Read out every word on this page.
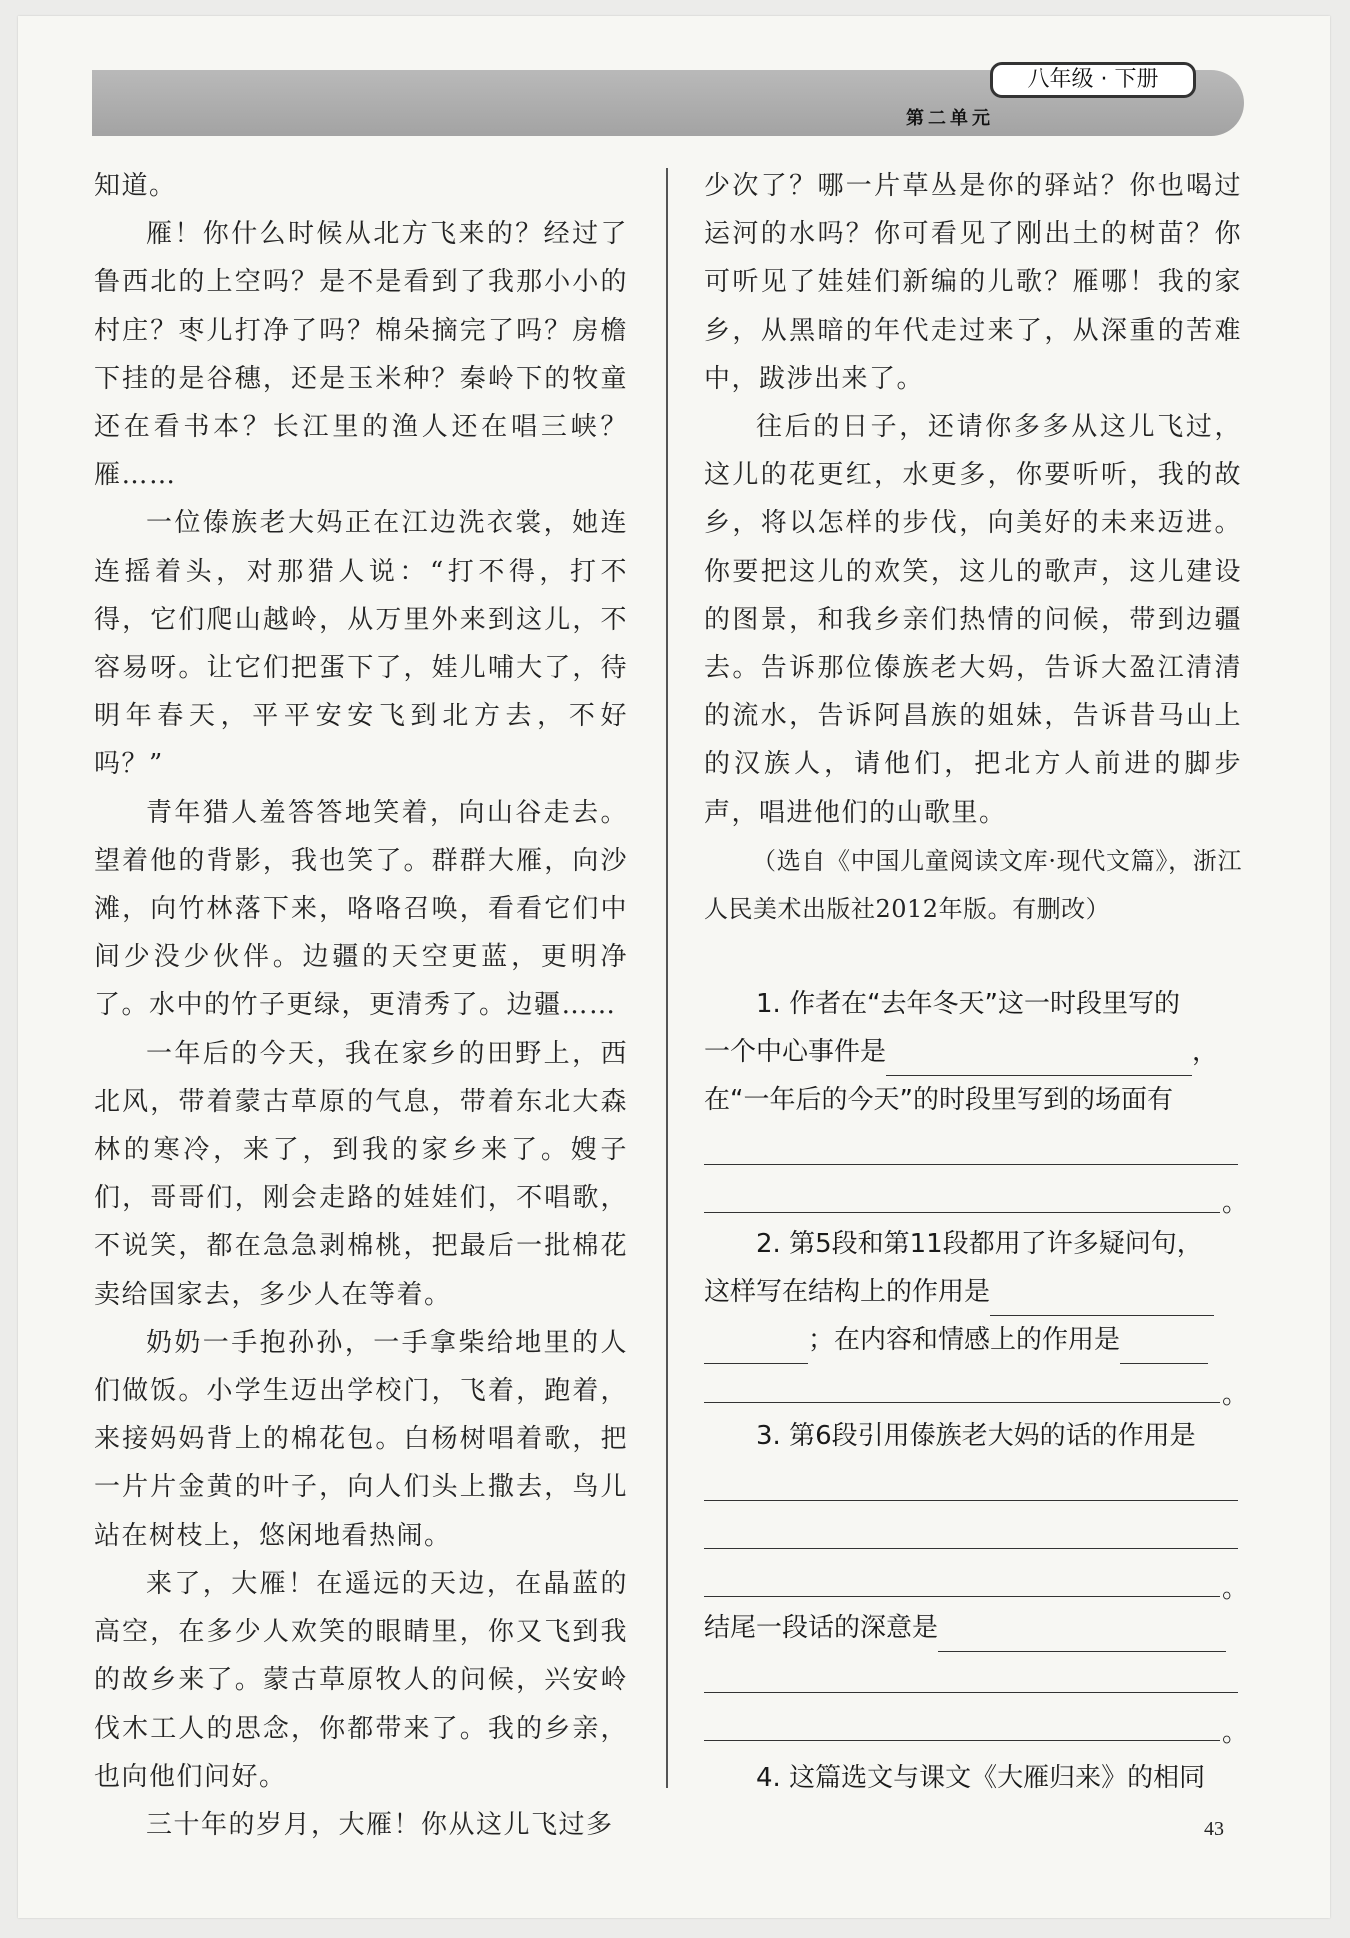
八年级 · 下册
第二单元

知道。

雁！你什么时候从北方飞来的？经过了鲁西北的上空吗？是不是看到了我那小小的村庄？枣儿打净了吗？棉朵摘完了吗？房檐下挂的是谷穗，还是玉米种？秦岭下的牧童还在看书本？长江里的渔人还在唱三峡？雁……

一位傣族老大妈正在江边洗衣裳，她连连摇着头，对那猎人说：“打不得，打不得，它们爬山越岭，从万里外来到这儿，不容易呀。让它们把蛋下了，娃儿哺大了，待明年春天，平平安安飞到北方去，不好吗？”

青年猎人羞答答地笑着，向山谷走去。望着他的背影，我也笑了。群群大雁，向沙滩，向竹林落下来，咯咯召唤，看看它们中间少没少伙伴。边疆的天空更蓝，更明净了。水中的竹子更绿，更清秀了。边疆……

一年后的今天，我在家乡的田野上，西北风，带着蒙古草原的气息，带着东北大森林的寒冷，来了，到我的家乡来了。嫂子们，哥哥们，刚会走路的娃娃们，不唱歌，不说笑，都在急急剥棉桃，把最后一批棉花卖给国家去，多少人在等着。

奶奶一手抱孙孙，一手拿柴给地里的人们做饭。小学生迈出学校门，飞着，跑着，来接妈妈背上的棉花包。白杨树唱着歌，把一片片金黄的叶子，向人们头上撒去，鸟儿站在树枝上，悠闲地看热闹。

来了，大雁！在遥远的天边，在晶蓝的高空，在多少人欢笑的眼睛里，你又飞到我的故乡来了。蒙古草原牧人的问候，兴安岭伐木工人的思念，你都带来了。我的乡亲，也向他们问好。

三十年的岁月，大雁！你从这儿飞过多

少次了？哪一片草丛是你的驿站？你也喝过运河的水吗？你可看见了刚出土的树苗？你可听见了娃娃们新编的儿歌？雁哪！我的家乡，从黑暗的年代走过来了，从深重的苦难中，跋涉出来了。

往后的日子，还请你多多从这儿飞过，这儿的花更红，水更多，你要听听，我的故乡，将以怎样的步伐，向美好的未来迈进。你要把这儿的欢笑，这儿的歌声，这儿建设的图景，和我乡亲们热情的问候，带到边疆去。告诉那位傣族老大妈，告诉大盈江清清的流水，告诉阿昌族的姐妹，告诉昔马山上的汉族人，请他们，把北方人前进的脚步声，唱进他们的山歌里。

（选自《中国儿童阅读文库·现代文篇》，浙江人民美术出版社2012年版。有删改）

1. 作者在“去年冬天”这一时段里写的
一个中心事件是	，
在“一年后的今天”的时段里写到的场面有
。
2. 第5段和第11段都用了许多疑问句，
这样写在结构上的作用是
；在内容和情感上的作用是
。
3. 第6段引用傣族老大妈的话的作用是
。
结尾一段话的深意是
。
4. 这篇选文与课文《大雁归来》的相同
43
